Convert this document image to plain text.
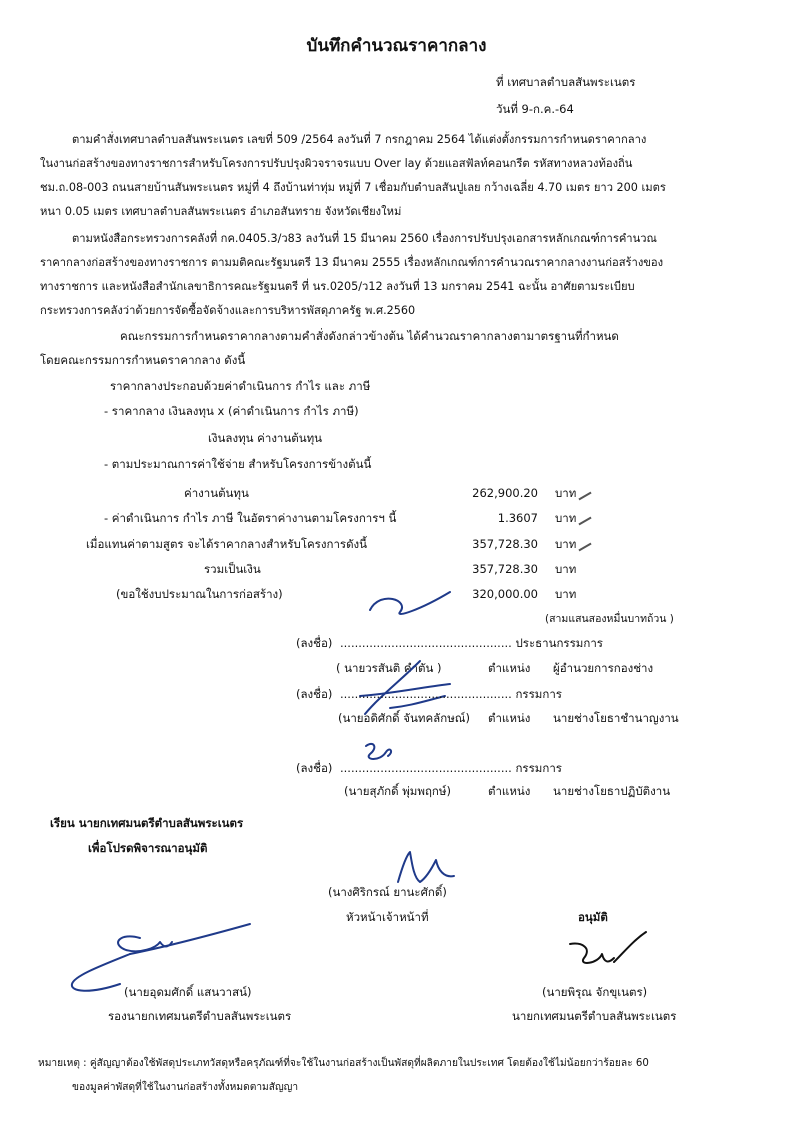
บันทึกคำนวณราคากลาง
ที่ เทศบาลตำบลสันพระเนตร
วันที่ 9-ก.ค.-64
ตามคำสั่งเทศบาลตำบลสันพระเนตร เลขที่ 509 /2564 ลงวันที่ 7 กรกฎาคม 2564 ได้แต่งตั้งกรรมการกำหนดราคากลาง
ในงานก่อสร้างของทางราชการสำหรับโครงการปรับปรุงผิวจราจรแบบ Over lay ด้วยแอสฟัลท์คอนกรีต รหัสทางหลวงท้องถิ่น
ชม.ถ.08-003 ถนนสายบ้านสันพระเนตร หมู่ที่ 4 ถึงบ้านท่าทุ่ม หมู่ที่ 7 เชื่อมกับตำบลสันปูเลย กว้างเฉลี่ย 4.70 เมตร ยาว 200 เมตร
หนา 0.05 เมตร เทศบาลตำบลสันพระเนตร อำเภอสันทราย จังหวัดเชียงใหม่
ตามหนังสือกระทรวงการคลังที่ กค.0405.3/ว83 ลงวันที่ 15 มีนาคม 2560 เรื่องการปรับปรุงเอกสารหลักเกณฑ์การคำนวณ
ราคากลางก่อสร้างของทางราชการ ตามมติคณะรัฐมนตรี 13 มีนาคม 2555 เรื่องหลักเกณฑ์การคำนวณราคากลางงานก่อสร้างของ
ทางราชการ และหนังสือสำนักเลขาธิการคณะรัฐมนตรี ที่ นร.0205/ว12 ลงวันที่ 13 มกราคม 2541 ฉะนั้น อาศัยตามระเบียบ
กระทรวงการคลังว่าด้วยการจัดซื้อจัดจ้างและการบริหารพัสดุภาครัฐ พ.ศ.2560
คณะกรรมการกำหนดราคากลางตามคำสั่งดังกล่าวข้างต้น ได้คำนวณราคากลางตามาตรฐานที่กำหนด
โดยคณะกรรมการกำหนดราคากลาง ดังนี้
ราคากลางประกอบด้วยค่าดำเนินการ กำไร และ ภาษี
- ราคากลาง เงินลงทุน x (ค่าดำเนินการ กำไร ภาษี)
เงินลงทุน ค่างานต้นทุน
- ตามประมาณการค่าใช้จ่าย สำหรับโครงการข้างต้นนี้
ค่างานต้นทุน	262,900.20 บาท
- ค่าดำเนินการ กำไร ภาษี ในอัตราค่างานตามโครงการฯ นี้	1.3607 บาท
เมื่อแทนค่าตามสูตร จะได้ราคากลางสำหรับโครงการดังนี้	357,728.30 บาท
รวมเป็นเงิน	357,728.30 บาท
(ขอใช้งบประมาณในการก่อสร้าง)	320,000.00 บาท
(สามแสนสองหมื่นบาทถ้วน )
(ลงชื่อ) ............................................... ประธานกรรมการ
( นายวรสันติ คำตัน )	ตำแหน่ง ผู้อำนวยการกองช่าง
(ลงชื่อ) ............................................... กรรมการ
(นายอดิศักดิ์ จันทคลักษณ์) ตำแหน่ง นายช่างโยธาชำนาญงาน
(ลงชื่อ) ............................................... กรรมการ
(นายสุภักดิ์ พุ่มพฤกษ์)	ตำแหน่ง นายช่างโยธาปฏิบัติงาน
เรียน นายกเทศมนตรีตำบลสันพระเนตร
เพื่อโปรดพิจารณาอนุมัติ
(นางศิริกรณ์ ยานะศักดิ์)
หัวหน้าเจ้าหน้าที่
(นายอุดมศักดิ์ แสนวาสน์)
รองนายกเทศมนตรีตำบลสันพระเนตร
อนุมัติ
(นายพิรุณ จักขุเนตร)
นายกเทศมนตรีตำบลสันพระเนตร
หมายเหตุ : คู่สัญญาต้องใช้พัสดุประเภทวัสดุหรือครุภัณฑ์ที่จะใช้ในงานก่อสร้างเป็นพัสดุที่ผลิตภายในประเทศ โดยต้องใช้ไม่น้อยกว่าร้อยละ 60
ของมูลค่าพัสดุที่ใช้ในงานก่อสร้างทั้งหมดตามสัญญา
